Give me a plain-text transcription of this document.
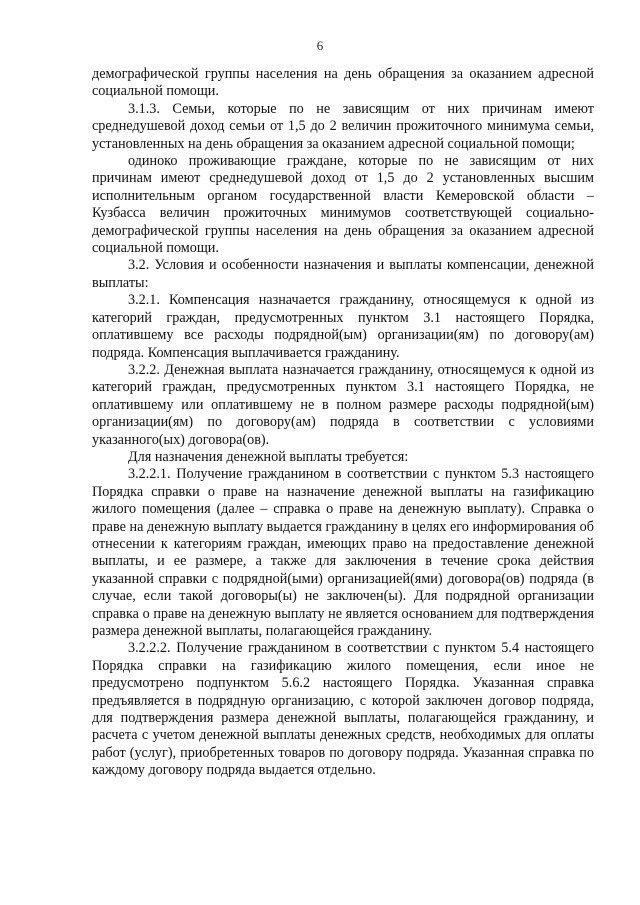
6

демографической группы населения на день обращения за оказанием адресной социальной помощи.

3.1.3. Семьи, которые по не зависящим от них причинам имеют среднедушевой доход семьи от 1,5 до 2 величин прожиточного минимума семьи, установленных на день обращения за оказанием адресной социальной помощи;

одиноко проживающие граждане, которые по не зависящим от них причинам имеют среднедушевой доход от 1,5 до 2 установленных высшим исполнительным органом государственной власти Кемеровской области – Кузбасса величин прожиточных минимумов соответствующей социально-демографической группы населения на день обращения за оказанием адресной социальной помощи.

3.2. Условия и особенности назначения и выплаты компенсации, денежной выплаты:

3.2.1. Компенсация назначается гражданину, относящемуся к одной из категорий граждан, предусмотренных пунктом 3.1 настоящего Порядка, оплатившему все расходы подрядной(ым) организации(ям) по договору(ам) подряда. Компенсация выплачивается гражданину.

3.2.2. Денежная выплата назначается гражданину, относящемуся к одной из категорий граждан, предусмотренных пунктом 3.1 настоящего Порядка, не оплатившему или оплатившему не в полном размере расходы подрядной(ым) организации(ям) по договору(ам) подряда в соответствии с условиями указанного(ых) договора(ов).

Для назначения денежной выплаты требуется:

3.2.2.1. Получение гражданином в соответствии с пунктом 5.3 настоящего Порядка справки о праве на назначение денежной выплаты на газификацию жилого помещения (далее – справка о праве на денежную выплату). Справка о праве на денежную выплату выдается гражданину в целях его информирования об отнесении к категориям граждан, имеющих право на предоставление денежной выплаты, и ее размере, а также для заключения в течение срока действия указанной справки с подрядной(ыми) организацией(ями) договора(ов) подряда (в случае, если такой договоры(ы) не заключен(ы). Для подрядной организации справка о праве на денежную выплату не является основанием для подтверждения размера денежной выплаты, полагающейся гражданину.

3.2.2.2. Получение гражданином в соответствии с пунктом 5.4 настоящего Порядка справки на газификацию жилого помещения, если иное не предусмотрено подпунктом 5.6.2 настоящего Порядка. Указанная справка предъявляется в подрядную организацию, с которой заключен договор подряда, для подтверждения размера денежной выплаты, полагающейся гражданину, и расчета с учетом денежной выплаты денежных средств, необходимых для оплаты работ (услуг), приобретенных товаров по договору подряда. Указанная справка по каждому договору подряда выдается отдельно.
